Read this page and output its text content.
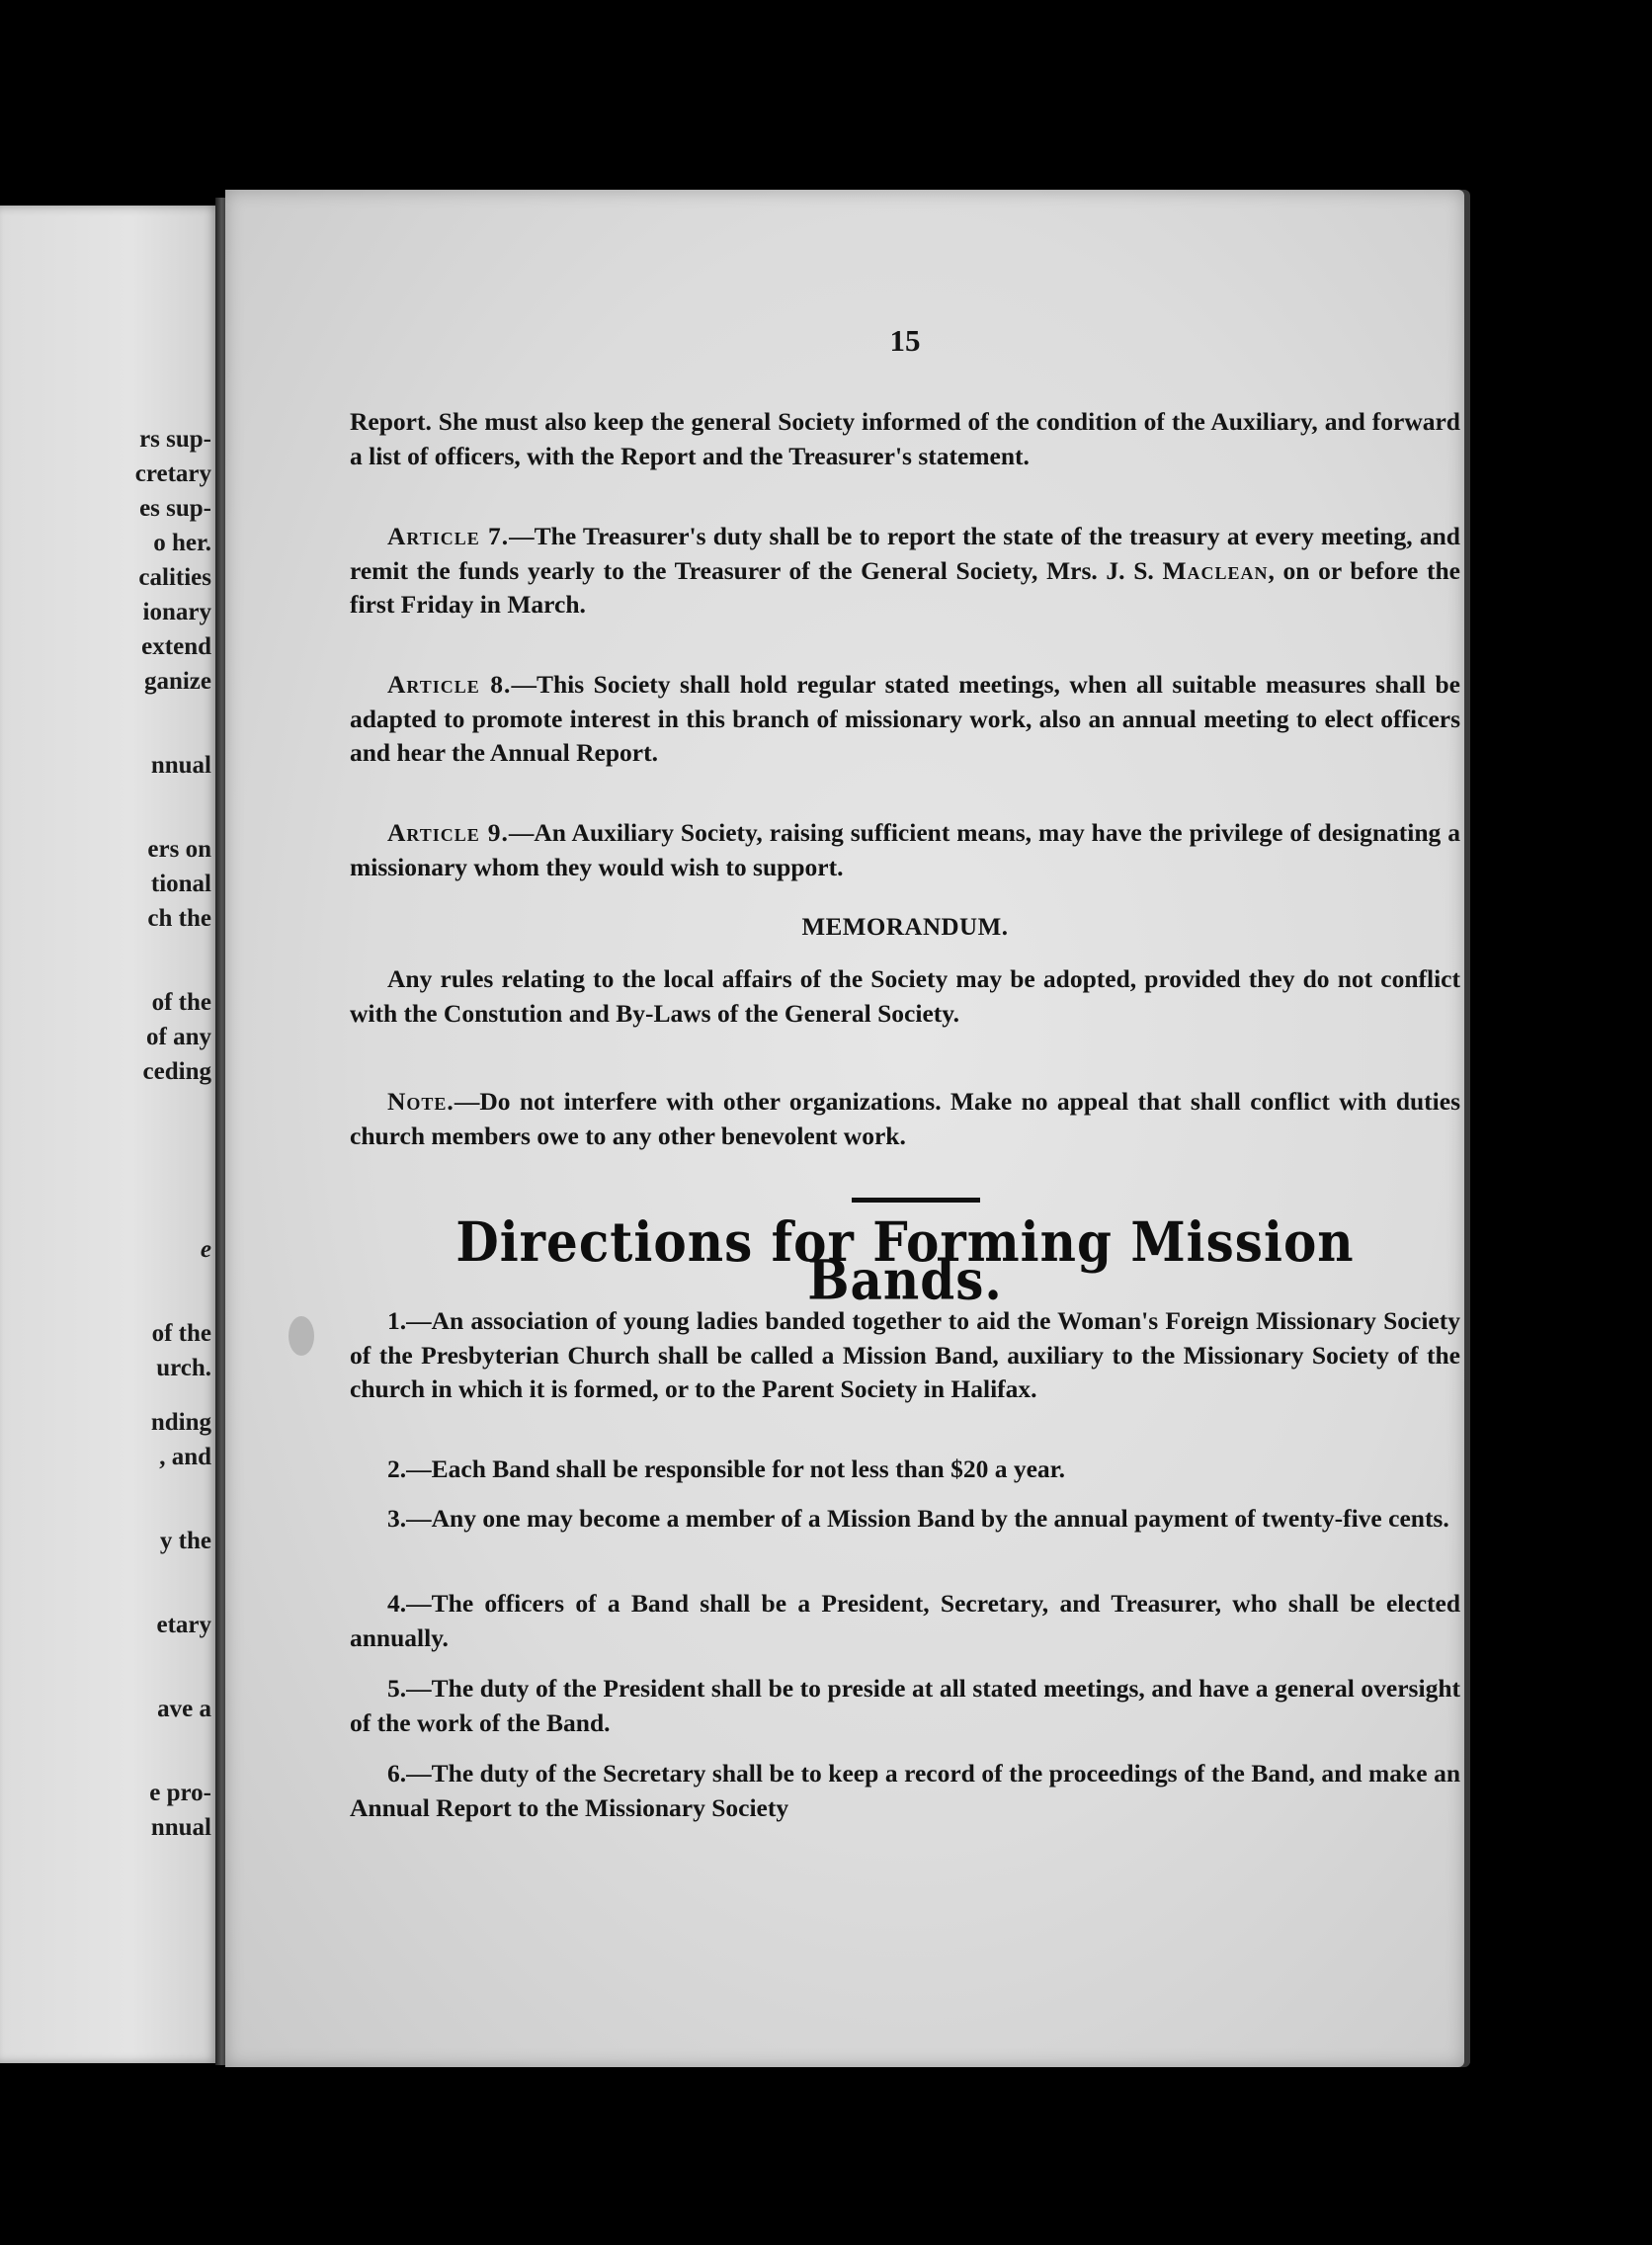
rs sup-
cretary
es sup-
o her.
calities
ionary
extend
ganize
nnual
ers on
tional
ch the
of the
of any
ceding
e
of the
urch.
nding
, and
y the
etary
ave a
e pro-
nnual
15

Report. She must also keep the general Society informed of the condition of the Auxiliary, and forward a list of officers, with the Report and the Treasurer's statement.

Article 7.—The Treasurer's duty shall be to report the state of the treasury at every meeting, and remit the funds yearly to the Treasurer of the General Society, Mrs. J. S. Maclean, on or before the first Friday in March.

Article 8.—This Society shall hold regular stated meetings, when all suitable measures shall be adapted to promote interest in this branch of missionary work, also an annual meeting to elect officers and hear the Annual Report.

Article 9.—An Auxiliary Society, raising sufficient means, may have the privilege of designating a missionary whom they would wish to support.

MEMORANDUM.

Any rules relating to the local affairs of the Society may be adopted, provided they do not conflict with the Constution and By-Laws of the General Society.

Note.—Do not interfere with other organizations. Make no appeal that shall conflict with duties church members owe to any other benevolent work.

Directions for Forming Mission Bands.

1.—An association of young ladies banded together to aid the Woman's Foreign Missionary Society of the Presbyterian Church shall be called a Mission Band, auxiliary to the Missionary Society of the church in which it is formed, or to the Parent Society in Halifax.

2.—Each Band shall be responsible for not less than $20 a year.

3.—Any one may become a member of a Mission Band by the annual payment of twenty-five cents.

4.—The officers of a Band shall be a President, Secretary, and Treasurer, who shall be elected annually.

5.—The duty of the President shall be to preside at all stated meetings, and have a general oversight of the work of the Band.

6.—The duty of the Secretary shall be to keep a record of the proceedings of the Band, and make an Annual Report to the Missionary Society
